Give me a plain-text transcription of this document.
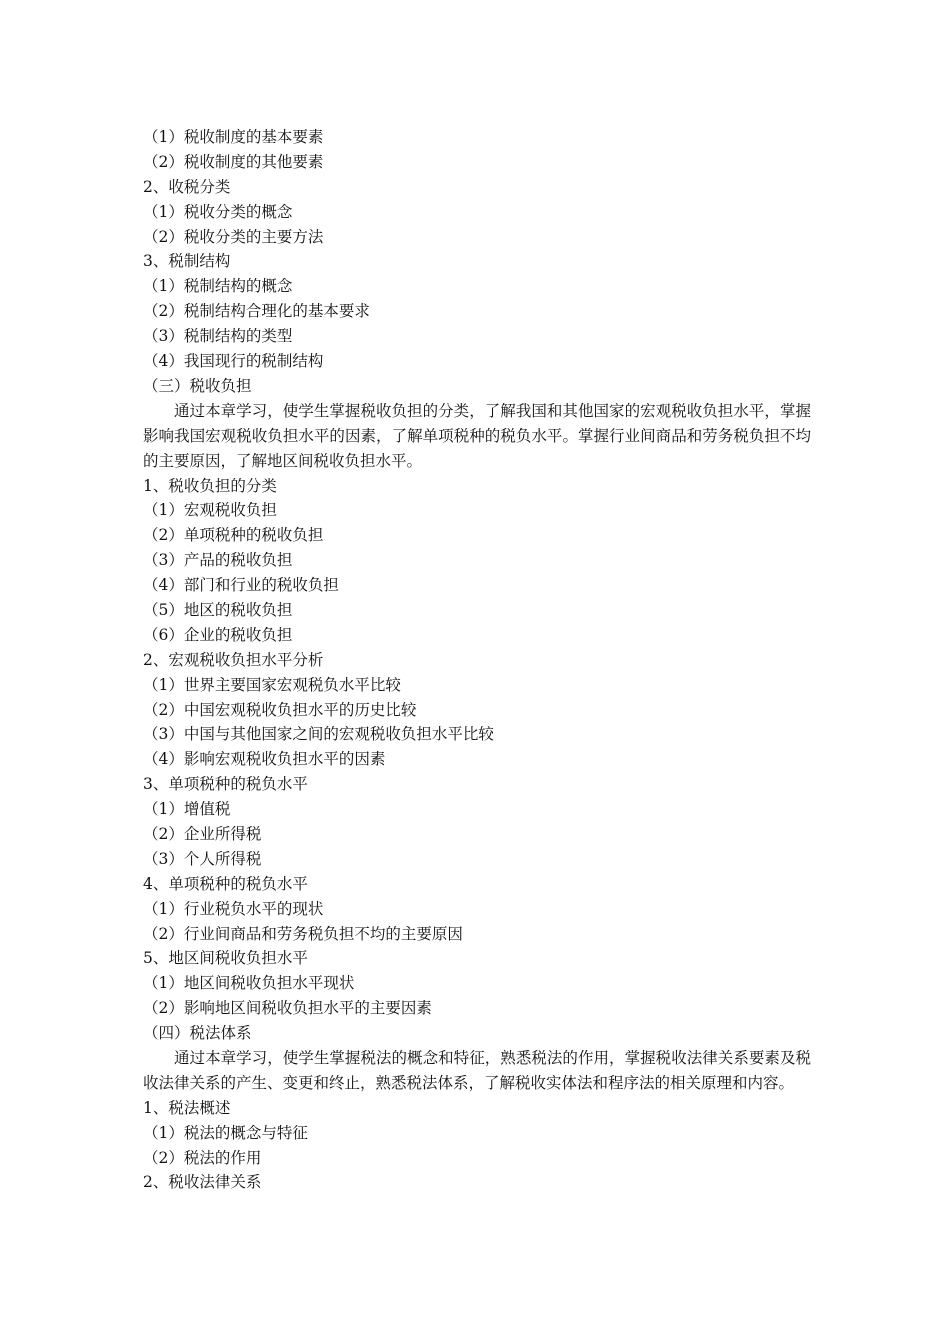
（1）税收制度的基本要素
（2）税收制度的其他要素
2、收税分类
（1）税收分类的概念
（2）税收分类的主要方法
3、税制结构
（1）税制结构的概念
（2）税制结构合理化的基本要求
（3）税制结构的类型
（4）我国现行的税制结构
（三）税收负担
通过本章学习，使学生掌握税收负担的分类，了解我国和其他国家的宏观税收负担水平，掌握影响我国宏观税收负担水平的因素，了解单项税种的税负水平。掌握行业间商品和劳务税负担不均的主要原因，了解地区间税收负担水平。
1、税收负担的分类
（1）宏观税收负担
（2）单项税种的税收负担
（3）产品的税收负担
（4）部门和行业的税收负担
（5）地区的税收负担
（6）企业的税收负担
2、宏观税收负担水平分析
（1）世界主要国家宏观税负水平比较
（2）中国宏观税收负担水平的历史比较
（3）中国与其他国家之间的宏观税收负担水平比较
（4）影响宏观税收负担水平的因素
3、单项税种的税负水平
（1）增值税
（2）企业所得税
（3）个人所得税
4、单项税种的税负水平
（1）行业税负水平的现状
（2）行业间商品和劳务税负担不均的主要原因
5、地区间税收负担水平
（1）地区间税收负担水平现状
（2）影响地区间税收负担水平的主要因素
（四）税法体系
通过本章学习，使学生掌握税法的概念和特征，熟悉税法的作用，掌握税收法律关系要素及税收法律关系的产生、变更和终止，熟悉税法体系，了解税收实体法和程序法的相关原理和内容。
1、税法概述
（1）税法的概念与特征
（2）税法的作用
2、税收法律关系
